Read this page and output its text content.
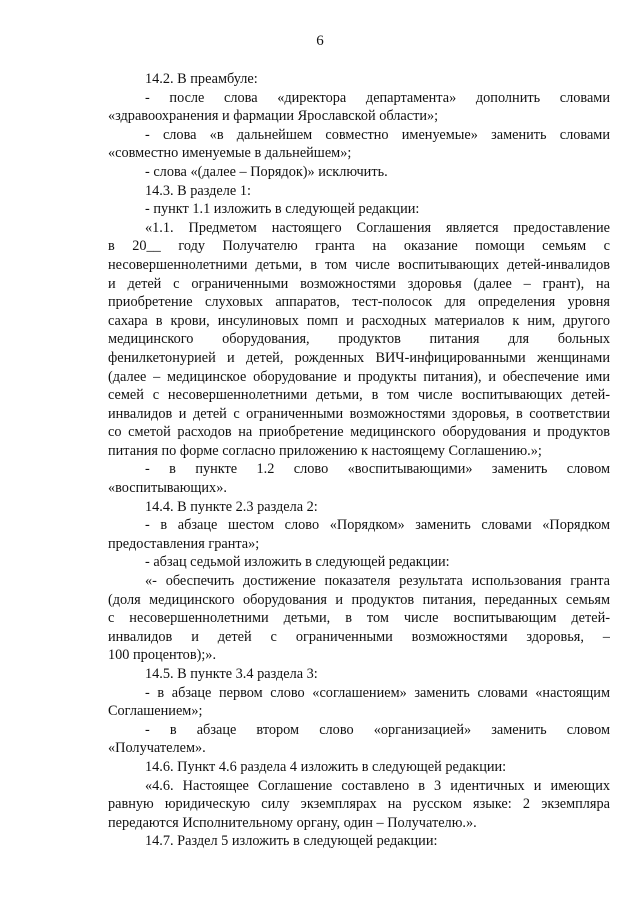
6
14.2. В преамбуле:
- после слова «директора департамента» дополнить словами
«здравоохранения и фармации Ярославской области»;
- слова «в дальнейшем совместно именуемые» заменить словами
«совместно именуемые в дальнейшем»;
- слова «(далее – Порядок)» исключить.
14.3. В разделе 1:
- пункт 1.1 изложить в следующей редакции:
«1.1. Предметом настоящего Соглашения является предоставление
в 20__ году Получателю гранта на оказание помощи семьям с
несовершеннолетними детьми, в том числе воспитывающих детей-инвалидов
и детей с ограниченными возможностями здоровья (далее – грант), на
приобретение слуховых аппаратов, тест-полосок для определения уровня
сахара в крови, инсулиновых помп и расходных материалов к ним, другого
медицинского оборудования, продуктов питания для больных
фенилкетонурией и детей, рожденных ВИЧ-инфицированными женщинами
(далее – медицинское оборудование и продукты питания), и обеспечение ими
семей с несовершеннолетними детьми, в том числе воспитывающих детей-
инвалидов и детей с ограниченными возможностями здоровья, в соответствии
со сметой расходов на приобретение медицинского оборудования и продуктов
питания по форме согласно приложению к настоящему Соглашению.»;
- в пункте 1.2 слово «воспитывающими» заменить словом
«воспитывающих».
14.4. В пункте 2.3 раздела 2:
- в абзаце шестом слово «Порядком» заменить словами «Порядком
предоставления гранта»;
- абзац седьмой изложить в следующей редакции:
«- обеспечить достижение показателя результата использования гранта
(доля медицинского оборудования и продуктов питания, переданных семьям
с несовершеннолетними детьми, в том числе воспитывающим детей-
инвалидов и детей с ограниченными возможностями здоровья, –
100 процентов);».
14.5. В пункте 3.4 раздела 3:
- в абзаце первом слово «соглашением» заменить словами «настоящим
Соглашением»;
- в абзаце втором слово «организацией» заменить словом
«Получателем».
14.6. Пункт 4.6 раздела 4 изложить в следующей редакции:
«4.6. Настоящее Соглашение составлено в 3 идентичных и имеющих
равную юридическую силу экземплярах на русском языке: 2 экземпляра
передаются Исполнительному органу, один – Получателю.».
14.7. Раздел 5 изложить в следующей редакции:
